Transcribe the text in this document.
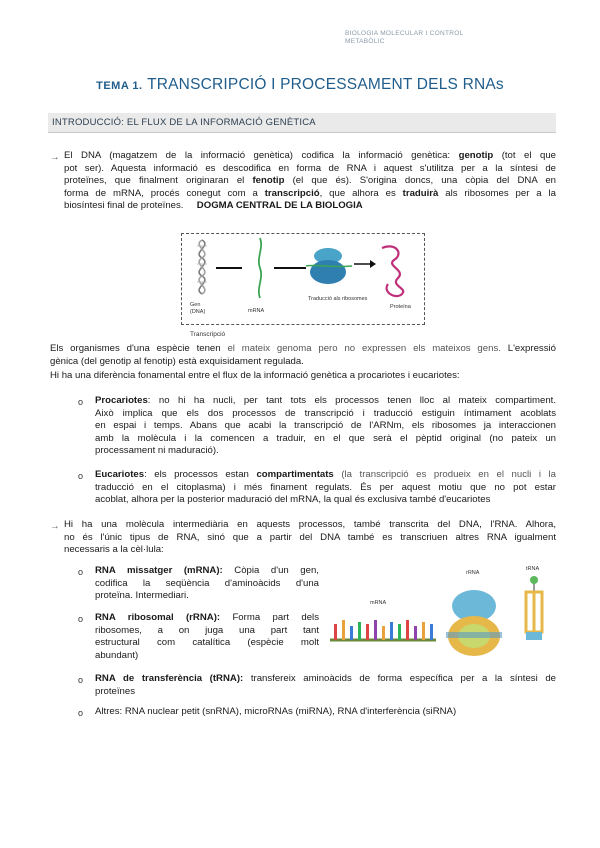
BIOLOGIA MOLECULAR I CONTROL
METABÒLIC
TEMA 1. TRANSCRIPCIÓ I PROCESSAMENT DELS RNAs
INTRODUCCIÓ: EL FLUX DE LA INFORMACIÓ GENÈTICA
→ El DNA (magatzem de la informació genètica) codifica la informació genètica: genotip (tot el que
pot ser). Aquesta informació es descodifica en forma de RNA i aquest s'utilitza per a la síntesi de
proteïnes, que finalment originaran el fenotip (el que és). S'origina doncs, una còpia del DNA en
forma de mRNA, procés conegut com a transcripció, que alhora es traduirà als ribosomes per a la
biosíntesi final de proteïnes. DOGMA CENTRAL DE LA BIOLOGIA
Gen
(DNA)	mRNA
Traducció als ribosomes
Proteïna
Transcripció
Els organismes d'una espècie tenen el mateix genoma pero no expressen els mateixos gens. L'expressió
gènica (del genotip al fenotip) està exquisidament regulada.
Hi ha una diferència fonamental entre el flux de la informació genètica a procariotes i eucariotes:
o Procariotes: no hi ha nucli, per tant tots els processos tenen lloc al mateix compartiment.
Això implica que els dos processos de transcripció i traducció estiguin íntimament acoblats
en espai i temps. Abans que acabi la transcripció de l'ARNm, els ribosomes ja interaccionen
amb la molècula i la comencen a traduir, en el que serà el pèptid original (no pateix un
processament ni maduració).
o Eucariotes: els processos estan compartimentats (la transcripció es produeix en el nucli i la
traducció en el citoplasma) i més finament regulats. És per aquest motiu que no pot estar
acoblat, alhora per la posterior maduració del mRNA, la qual és exclusiva també d'eucariotes
→ Hi ha una molècula intermediària en aquests processos, també transcrita del DNA, l'RNA. Alhora,
no és l'únic tipus de RNA, sinó que a partir del DNA també es transcriuen altres RNA igualment
necessaris a la cèl·lula:
o RNA missatger (mRNA): Còpia d'un gen,
codifica la seqüència d'aminoàcids d'una
proteïna. Intermediari.
o RNA ribosomal (rRNA): Forma part dels
ribosomes, a on juga una part tant
estructural com catalítica (espècie molt
abundant)
mRNA
rRNA
tRNA
o RNA de transferència (tRNA): transfereix aminoàcids de forma específica per a la síntesi de
proteïnes
o Altres: RNA nuclear petit (snRNA), microRNAs (miRNA), RNA d'interferència (siRNA)
